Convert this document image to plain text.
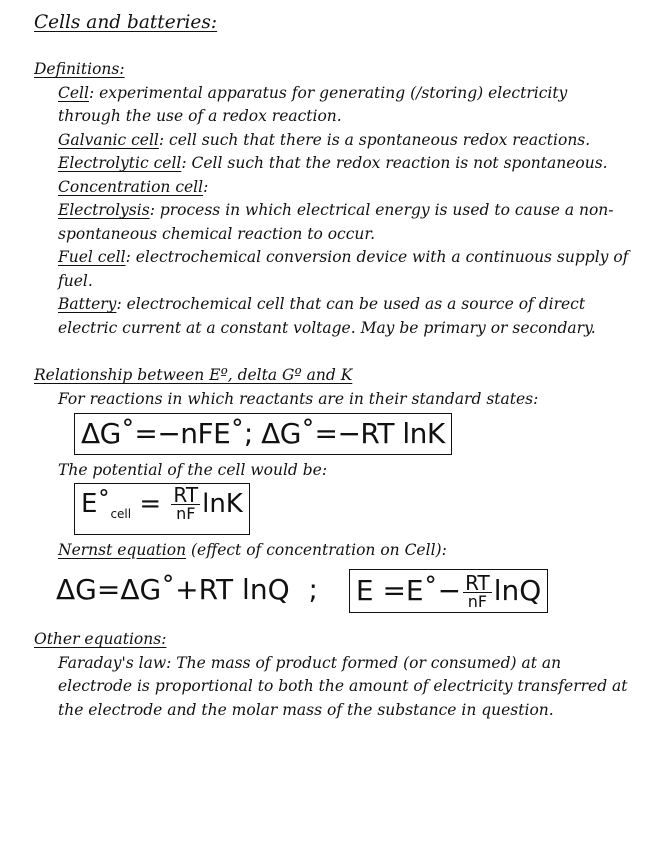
Cells and batteries:

Definitions:

Cell: experimental apparatus for generating (/storing) electricity through the use of a redox reaction.

Galvanic cell: cell such that there is a spontaneous redox reactions.

Electrolytic cell: Cell such that the redox reaction is not spontaneous.

Concentration cell:

Electrolysis: process in which electrical energy is used to cause a non-spontaneous chemical reaction to occur.

Fuel cell: electrochemical conversion device with a continuous supply of fuel.

Battery: electrochemical cell that can be used as a source of direct electric current at a constant voltage. May be primary or secondary.

Relationship between Eº, delta Gº and K

For reactions in which reactants are in their standard states:

ΔG˚=−nFE˚; ΔG˚=−RT lnK

The potential of the cell would be:

$E˚_{cell} = \frac{RT}{nF}$ lnK

Nernst equation (effect of concentration on Cell):

ΔG=ΔG˚+RT lnQ ; E =E˚− $\frac{RT}{nF}$ lnQ

Other equations:

Faraday's law: The mass of product formed (or consumed) at an electrode is proportional to both the amount of electricity transferred at the electrode and the molar mass of the substance in question.
